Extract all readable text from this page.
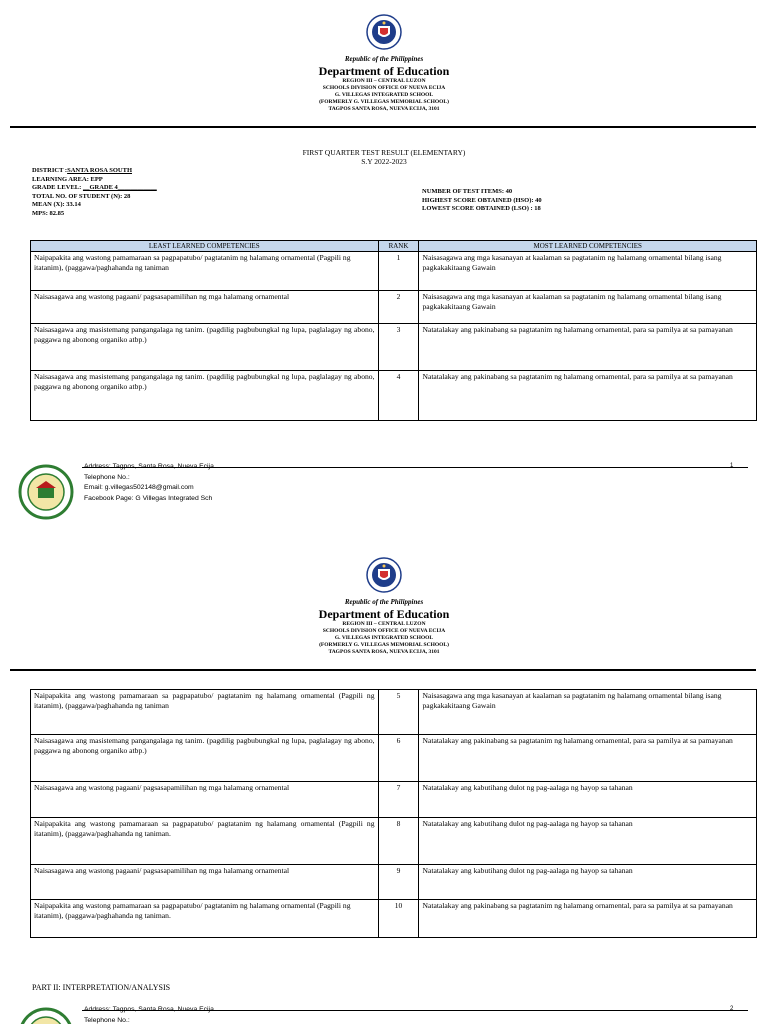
Republic of the Philippines

Department of Education

REGION III – CENTRAL LUZON

SCHOOLS DIVISION OFFICE OF NUEVA ECIJA

G. VILLEGAS INTEGRATED SCHOOL

(FORMERLY G. VILLEGAS MEMORIAL SCHOOL)

TAGPOS SANTA ROSA, NUEVA ECIJA, 3101

FIRST QUARTER TEST RESULT (ELEMENTARY)
S.Y 2022-2023
DISTRICT :SANTA ROSA SOUTH
LEARNING AREA: EPP
GRADE LEVEL: __GRADE 4____________
TOTAL NO. OF STUDENT (N): 28
MEAN (X): 33.14
MPS: 82.85
NUMBER OF TEST ITEMS: 40
HIGHEST SCORE OBTAINED (HSO): 40
LOWEST SCORE OBTAINED (LSO) : 18
LEAST LEARNED COMPETENCIES	RANK	MOST LEARNED COMPETENCIES
Naipapakita ang wastong pamamaraan sa pagpapatubo/ pagtatanim ng halamang ornamental (Pagpili ng itatanim), (paggawa/paghahanda ng taniman	1	Naisasagawa ang mga kasanayan at kaalaman sa pagtatanim ng halamang ornamental bilang isang pagkakakitaang Gawain
Naisasagawa ang wastong pagaani/ pagsasapamilihan ng mga halamang ornamental	2	Naisasagawa ang mga kasanayan at kaalaman sa pagtatanim ng halamang ornamental bilang isang pagkakakitaang Gawain
Naisasagawa ang masistemang pangangalaga ng tanim. (pagdilig pagbubungkal ng lupa, paglalagay ng abono, paggawa ng abonong organiko atbp.)	3	Natatalakay ang pakinabang sa pagtatanim ng halamang ornamental, para sa pamilya at sa pamayanan
Naisasagawa ang masistemang pangangalaga ng tanim. (pagdilig pagbubungkal ng lupa, paglalagay ng abono, paggawa ng abonong organiko atbp.)	4	Natatalakay ang pakinabang sa pagtatanim ng halamang ornamental, para sa pamilya at sa pamayanan
1
Address: Tagpos, Santa Rosa, Nueva Ecija
Telephone No.:
Email: g.villegas502148@gmail.com
Facebook Page: G Villegas Integrated Sch

Republic of the Philippines

Department of Education

REGION III – CENTRAL LUZON

SCHOOLS DIVISION OFFICE OF NUEVA ECIJA

G. VILLEGAS INTEGRATED SCHOOL

(FORMERLY G. VILLEGAS MEMORIAL SCHOOL)

TAGPOS SANTA ROSA, NUEVA ECIJA, 3101

Naipapakita ang wastong pamamaraan sa pagpapatubo/ pagtatanim ng halamang ornamental (Pagpili ng itatanim), (paggawa/paghahanda ng taniman	5	Naisasagawa ang mga kasanayan at kaalaman sa pagtatanim ng halamang ornamental bilang isang pagkakakitaang Gawain
Naisasagawa ang masistemang pangangalaga ng tanim. (pagdilig pagbubungkal ng lupa, paglalagay ng abono, paggawa ng abonong organiko atbp.)	6	Natatalakay ang pakinabang sa pagtatanim ng halamang ornamental, para sa pamilya at sa pamayanan
Naisasagawa ang wastong pagaani/ pagsasapamilihan ng mga halamang ornamental	7	Natatalakay ang kabutihang dulot ng pag-aalaga ng hayop sa tahanan
Naipapakita ang wastong pamamaraan sa pagpapatubo/ pagtatanim ng halamang ornamental (Pagpili ng itatanim), (paggawa/paghahanda ng taniman.	8	Natatalakay ang kabutihang dulot ng pag-aalaga ng hayop sa tahanan
Naisasagawa ang wastong pagaani/ pagsasapamilihan ng mga halamang ornamental	9	Natatalakay ang kabutihang dulot ng pag-aalaga ng hayop sa tahanan
Naipapakita ang wastong pamamaraan sa pagpapatubo/ pagtatanim ng halamang ornamental (Pagpili ng itatanim), (paggawa/paghahanda ng taniman.	10	Natatalakay ang pakinabang sa pagtatanim ng halamang ornamental, para sa pamilya at sa pamayanan
PART II: INTERPRETATION/ANALYSIS
2
Address: Tagpos, Santa Rosa, Nueva Ecija
Telephone No.:
